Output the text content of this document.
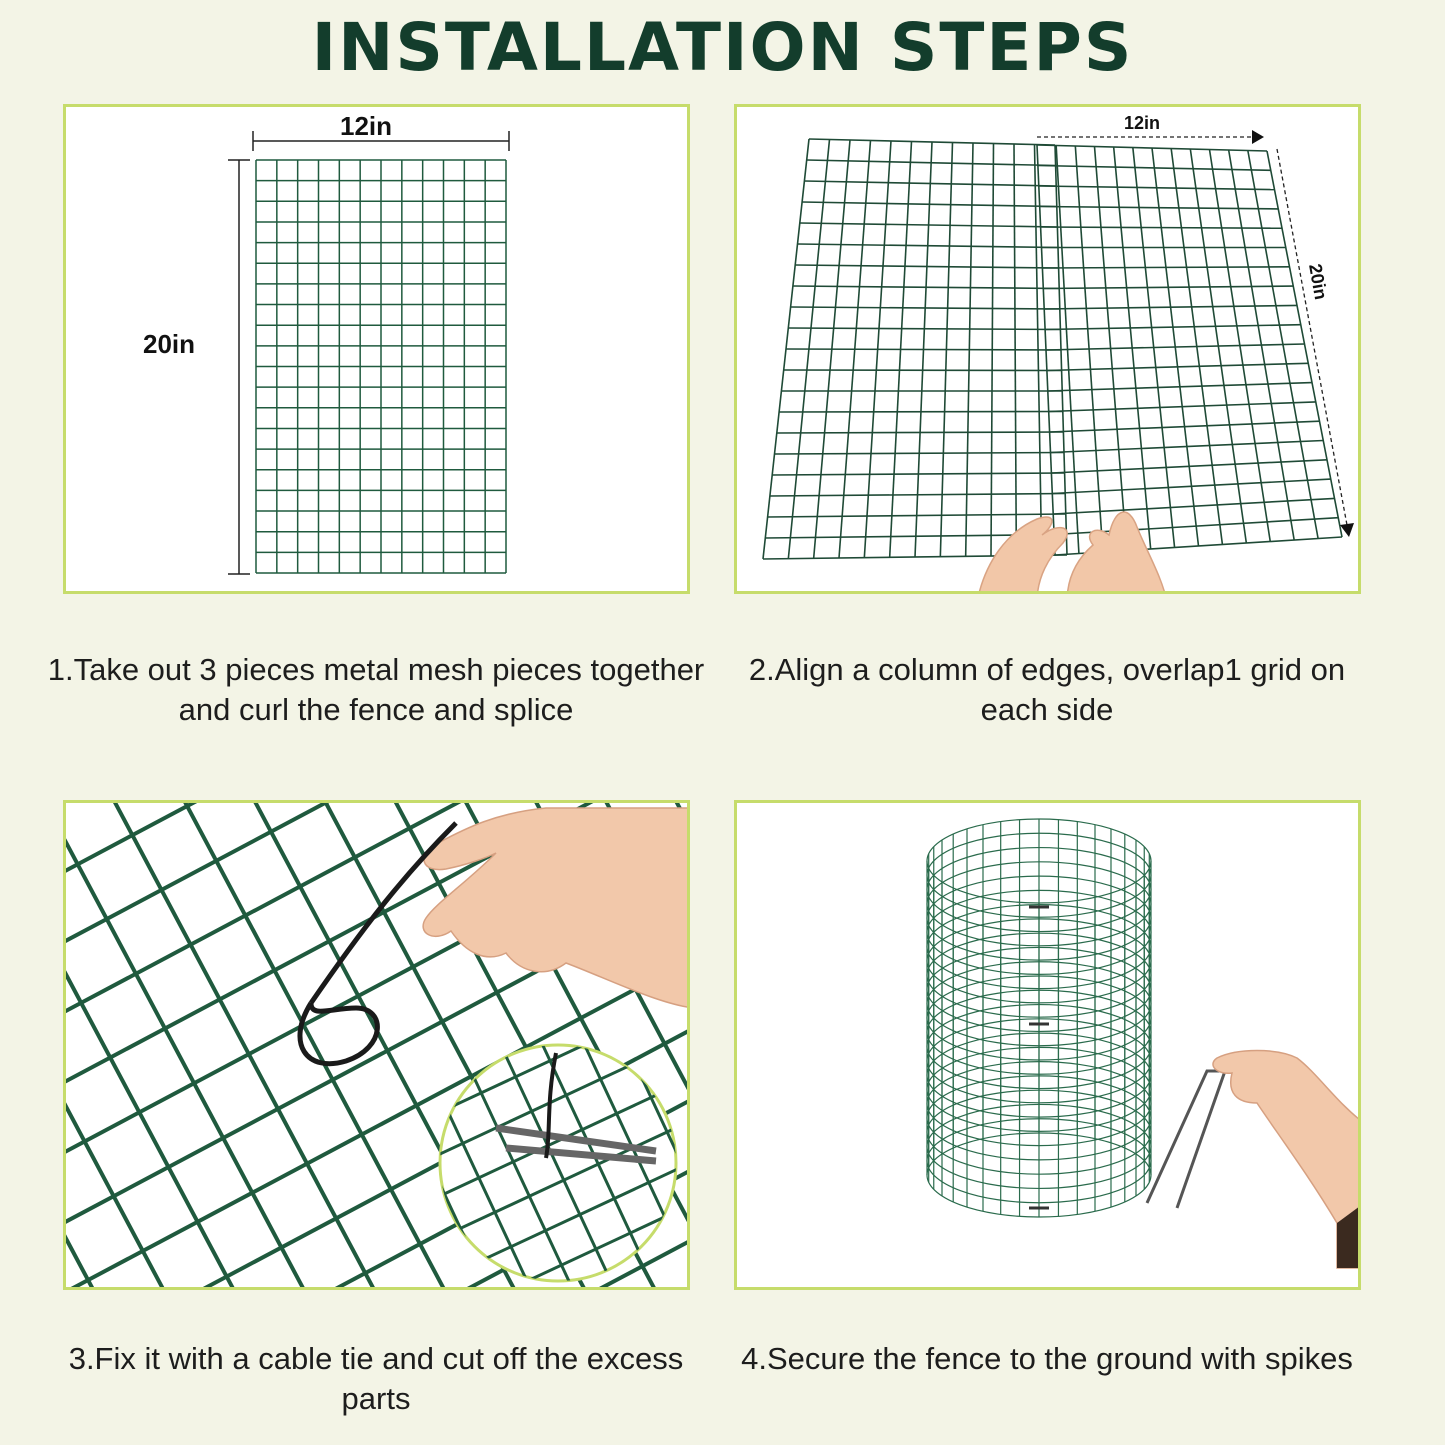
INSTALLATION STEPS
12in
20in
1.Take out 3 pieces metal mesh pieces together and curl the fence and splice
12in
20in
2.Align a column of edges, overlap1 grid on each side
3.Fix it with a cable tie and cut off the excess parts
4.Secure the fence to the ground with spikes
